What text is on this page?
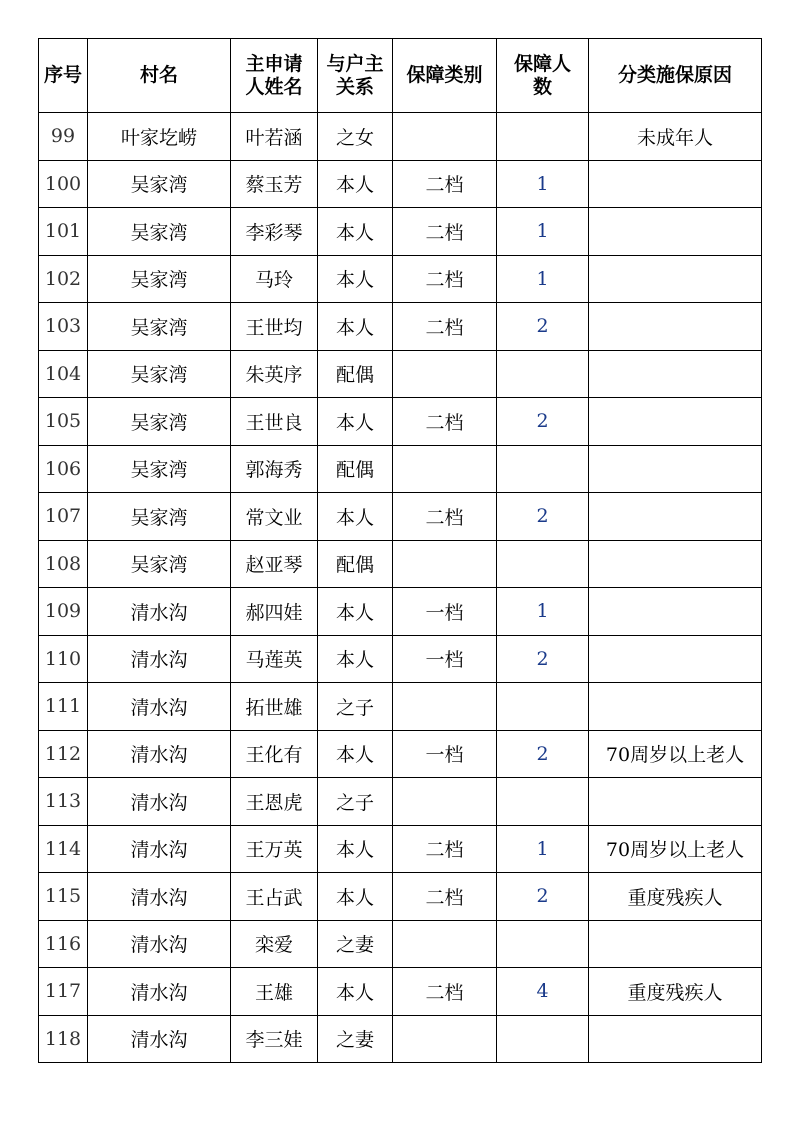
序号	村名	主申请人姓名	与户主关系	保障类别	保障人数	分类施保原因
99	叶家圪崂	叶若涵	之女			未成年人
100	吴家湾	蔡玉芳	本人	二档	1	
101	吴家湾	李彩琴	本人	二档	1	
102	吴家湾	马玲	本人	二档	1	
103	吴家湾	王世均	本人	二档	2	
104	吴家湾	朱英序	配偶			
105	吴家湾	王世良	本人	二档	2	
106	吴家湾	郭海秀	配偶			
107	吴家湾	常文业	本人	二档	2	
108	吴家湾	赵亚琴	配偶			
109	清水沟	郝四娃	本人	一档	1	
110	清水沟	马莲英	本人	一档	2	
111	清水沟	拓世雄	之子			
112	清水沟	王化有	本人	一档	2	70周岁以上老人
113	清水沟	王恩虎	之子			
114	清水沟	王万英	本人	二档	1	70周岁以上老人
115	清水沟	王占武	本人	二档	2	重度残疾人
116	清水沟	栾爱	之妻			
117	清水沟	王雄	本人	二档	4	重度残疾人
118	清水沟	李三娃	之妻			
